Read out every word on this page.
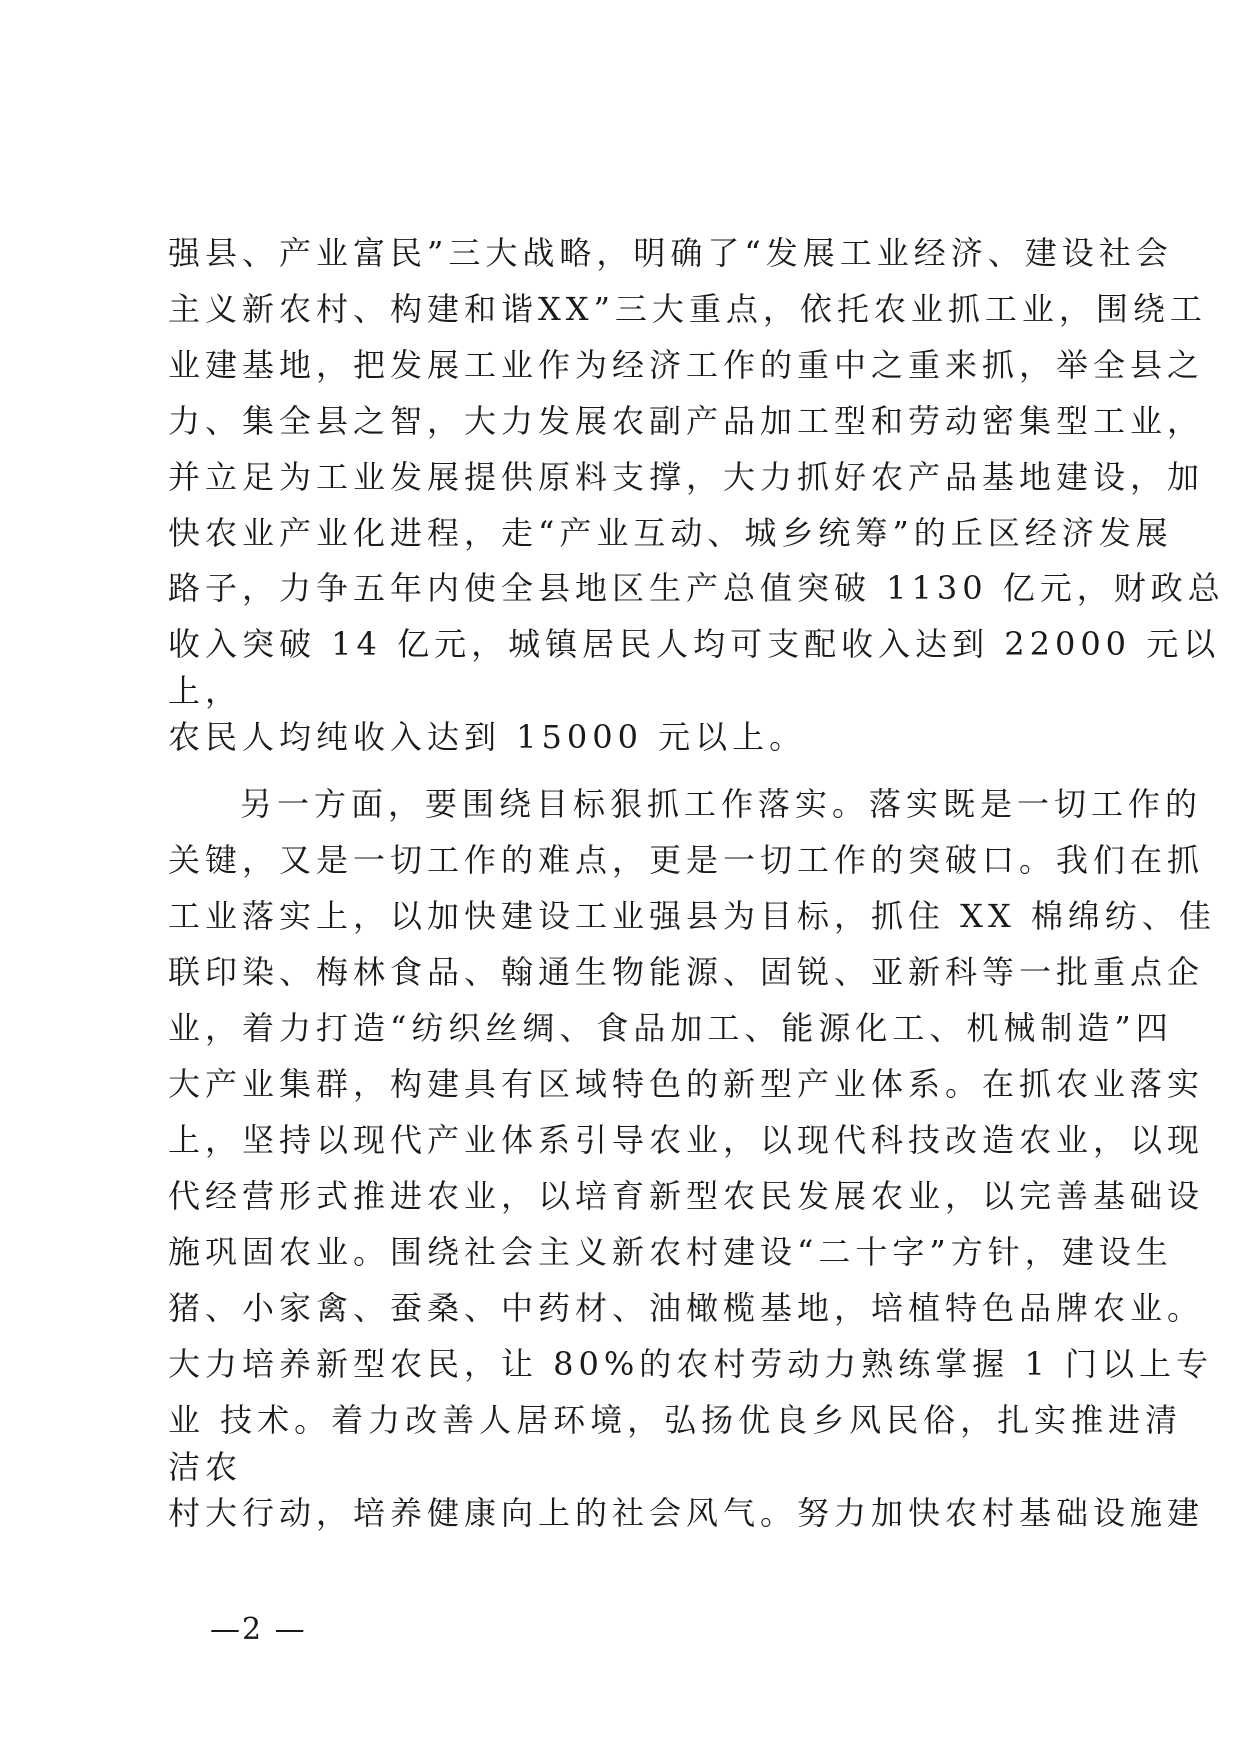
强县、产业富民”三大战略，明确了“发展工业经济、建设社会
主义新农村、构建和谐XX”三大重点，依托农业抓工业，围绕工
业建基地，把发展工业作为经济工作的重中之重来抓，举全县之
力、集全县之智，大力发展农副产品加工型和劳动密集型工业，
并立足为工业发展提供原料支撑，大力抓好农产品基地建设，加
快农业产业化进程，走“产业互动、城乡统筹”的丘区经济发展
路子，力争五年内使全县地区生产总值突破 1130 亿元，财政总
收入突破 14 亿元，城镇居民人均可支配收入达到 22000 元以
上，
农民人均纯收入达到 15000 元以上。
另一方面，要围绕目标狠抓工作落实。落实既是一切工作的
关键，又是一切工作的难点，更是一切工作的突破口。我们在抓
工业落实上，以加快建设工业强县为目标，抓住 XX 棉绵纺、佳
联印染、梅林食品、翰通生物能源、固锐、亚新科等一批重点企
业，着力打造“纺织丝绸、食品加工、能源化工、机械制造”四
大产业集群，构建具有区域特色的新型产业体系。在抓农业落实
上，坚持以现代产业体系引导农业，以现代科技改造农业，以现
代经营形式推进农业，以培育新型农民发展农业，以完善基础设
施巩固农业。围绕社会主义新农村建设“二十字”方针，建设生
猪、小家禽、蚕桑、中药材、油橄榄基地，培植特色品牌农业。
大力培养新型农民，让 80%的农村劳动力熟练掌握 1 门以上专
业 技术。着力改善人居环境，弘扬优良乡风民俗，扎实推进清
洁农
村大行动，培养健康向上的社会风气。努力加快农村基础设施建
—2 —
